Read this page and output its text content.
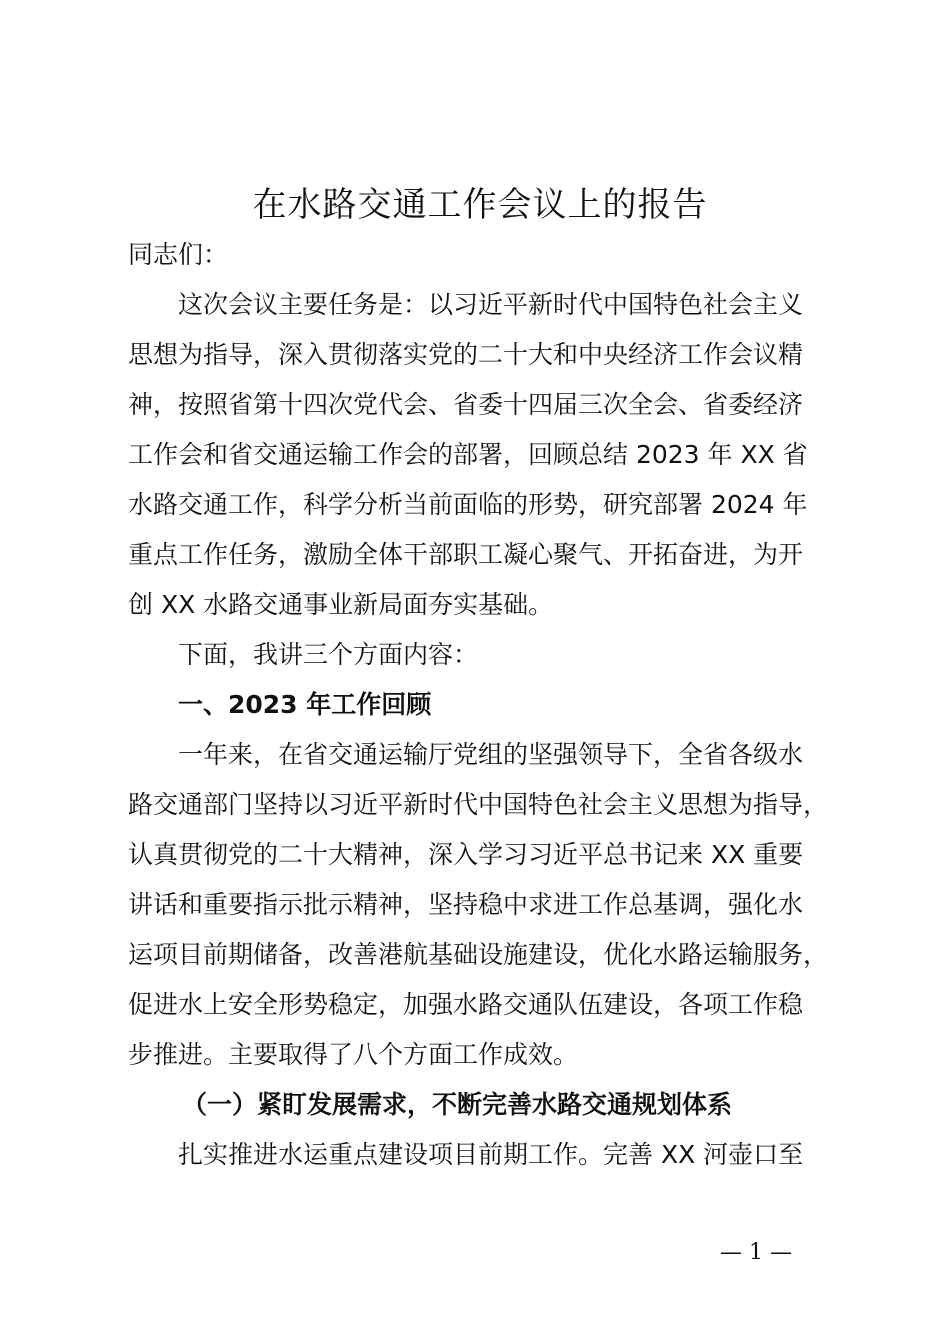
在水路交通工作会议上的报告
同志们：
这次会议主要任务是：以习近平新时代中国特色社会主义
思想为指导，深入贯彻落实党的二十大和中央经济工作会议精
神，按照省第十四次党代会、省委十四届三次全会、省委经济
工作会和省交通运输工作会的部署，回顾总结 2023 年 XX 省
水路交通工作，科学分析当前面临的形势，研究部署 2024 年
重点工作任务，激励全体干部职工凝心聚气、开拓奋进，为开
创 XX 水路交通事业新局面夯实基础。
下面，我讲三个方面内容：
一、2023 年工作回顾
一年来，在省交通运输厅党组的坚强领导下，全省各级水
路交通部门坚持以习近平新时代中国特色社会主义思想为指导，
认真贯彻党的二十大精神，深入学习习近平总书记来 XX 重要
讲话和重要指示批示精神，坚持稳中求进工作总基调，强化水
运项目前期储备，改善港航基础设施建设，优化水路运输服务，
促进水上安全形势稳定，加强水路交通队伍建设，各项工作稳
步推进。主要取得了八个方面工作成效。
（一）紧盯发展需求，不断完善水路交通规划体系
扎实推进水运重点建设项目前期工作。完善 XX 河壶口至
— 1 —
